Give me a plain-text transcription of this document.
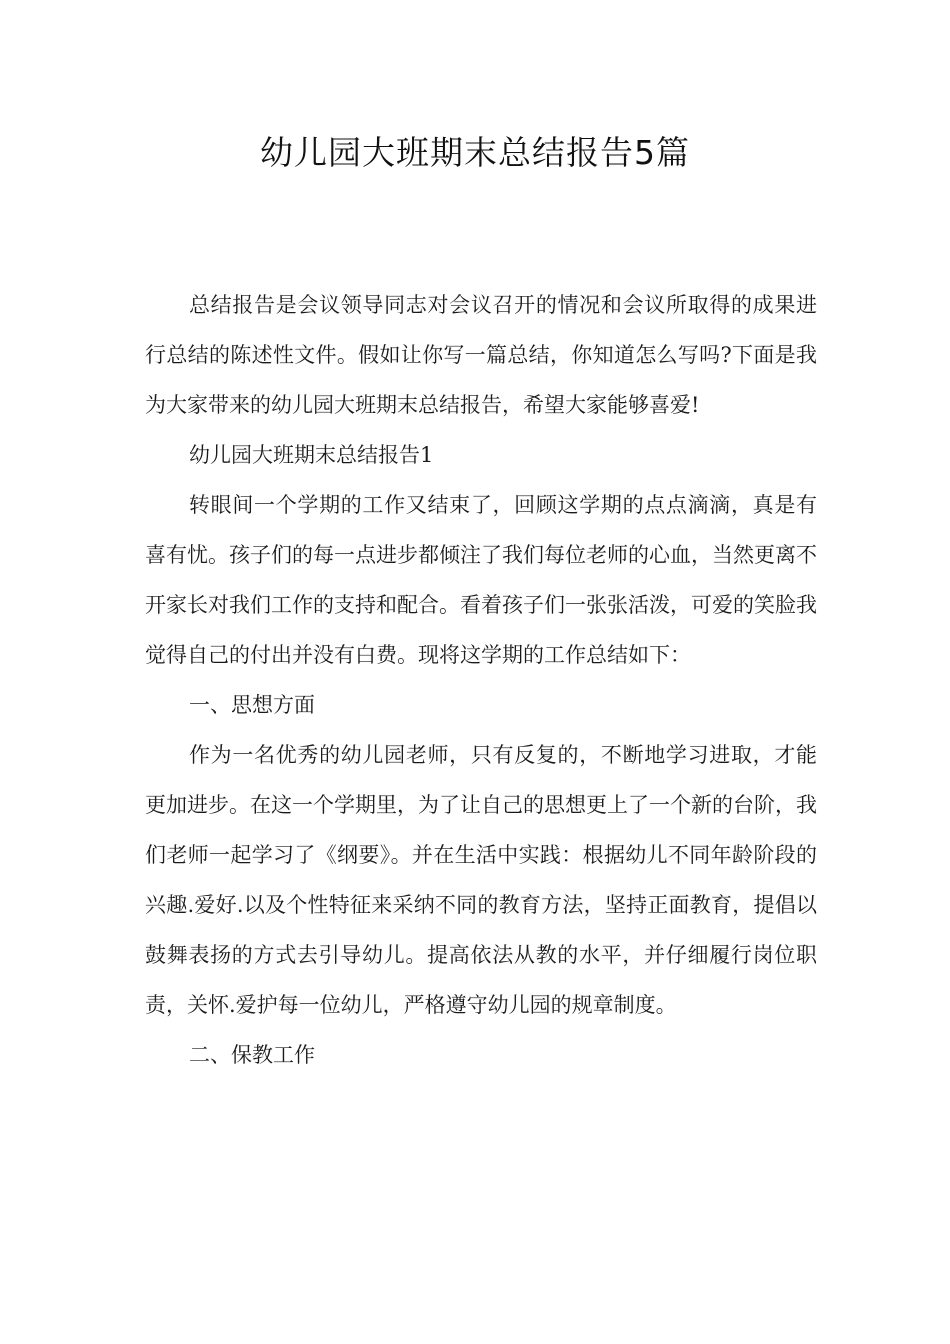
幼儿园大班期末总结报告5篇

总结报告是会议领导同志对会议召开的情况和会议所取得的成果进行总结的陈述性文件。假如让你写一篇总结，你知道怎么写吗?下面是我为大家带来的幼儿园大班期末总结报告，希望大家能够喜爱!

幼儿园大班期末总结报告1

转眼间一个学期的工作又结束了，回顾这学期的点点滴滴，真是有喜有忧。孩子们的每一点进步都倾注了我们每位老师的心血，当然更离不开家长对我们工作的支持和配合。看着孩子们一张张活泼，可爱的笑脸我觉得自己的付出并没有白费。现将这学期的工作总结如下：

一、思想方面

作为一名优秀的幼儿园老师，只有反复的，不断地学习进取，才能更加进步。在这一个学期里，为了让自己的思想更上了一个新的台阶，我们老师一起学习了《纲要》。并在生活中实践：根据幼儿不同年龄阶段的兴趣.爱好.以及个性特征来采纳不同的教育方法，坚持正面教育，提倡以鼓舞表扬的方式去引导幼儿。提高依法从教的水平，并仔细履行岗位职责，关怀.爱护每一位幼儿，严格遵守幼儿园的规章制度。

二、保教工作
